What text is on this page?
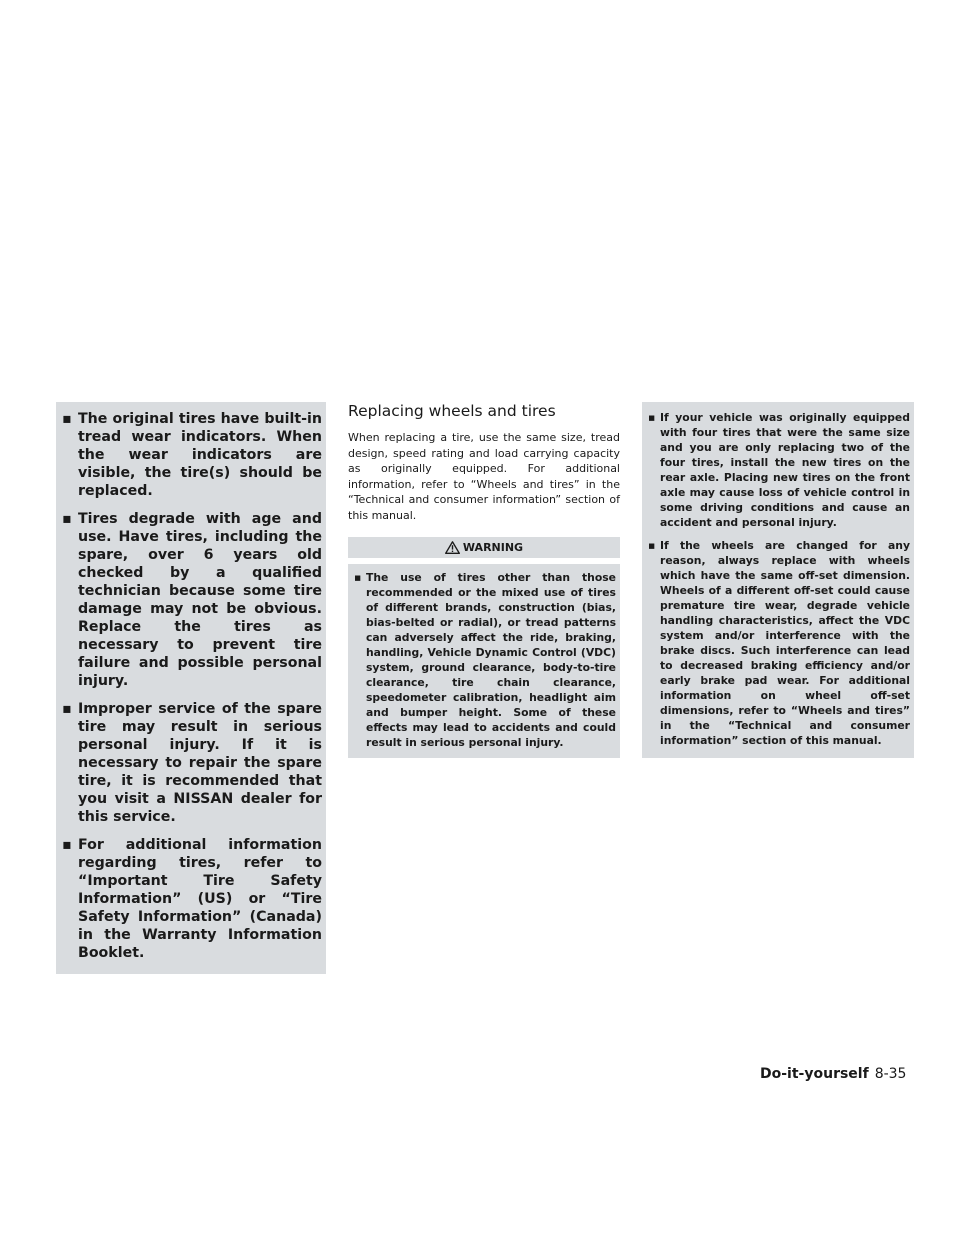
▪ The original tires have built-in tread wear indicators. When the wear indicators are visible, the tire(s) should be replaced.
▪ Tires degrade with age and use. Have tires, including the spare, over 6 years old checked by a qualified technician because some tire damage may not be obvious. Replace the tires as necessary to prevent tire failure and possible personal injury.
▪ Improper service of the spare tire may result in serious personal injury. If it is necessary to repair the spare tire, it is recommended that you visit a NISSAN dealer for this service.
▪ For additional information regarding tires, refer to “Important Tire Safety Information” (US) or “Tire Safety Information” (Canada) in the Warranty Information Booklet.
Replacing wheels and tires

When replacing a tire, use the same size, tread design, speed rating and load carrying capacity as originally equipped. For additional information, refer to “Wheels and tires” in the “Technical and consumer information” section of this manual.

WARNING
▪ The use of tires other than those recommended or the mixed use of tires of different brands, construction (bias, bias-belted or radial), or tread patterns can adversely affect the ride, braking, handling, Vehicle Dynamic Control (VDC) system, ground clearance, body-to-tire clearance, tire chain clearance, speedometer calibration, headlight aim and bumper height. Some of these effects may lead to accidents and could result in serious personal injury.
▪ If your vehicle was originally equipped with four tires that were the same size and you are only replacing two of the four tires, install the new tires on the rear axle. Placing new tires on the front axle may cause loss of vehicle control in some driving conditions and cause an accident and personal injury.
▪ If the wheels are changed for any reason, always replace with wheels which have the same off-set dimension. Wheels of a different off-set could cause premature tire wear, degrade vehicle handling characteristics, affect the VDC system and/or interference with the brake discs. Such interference can lead to decreased braking efficiency and/or early brake pad wear. For additional information on wheel off-set dimensions, refer to “Wheels and tires” in the “Technical and consumer information” section of this manual.
Do-it-yourself 8-35
